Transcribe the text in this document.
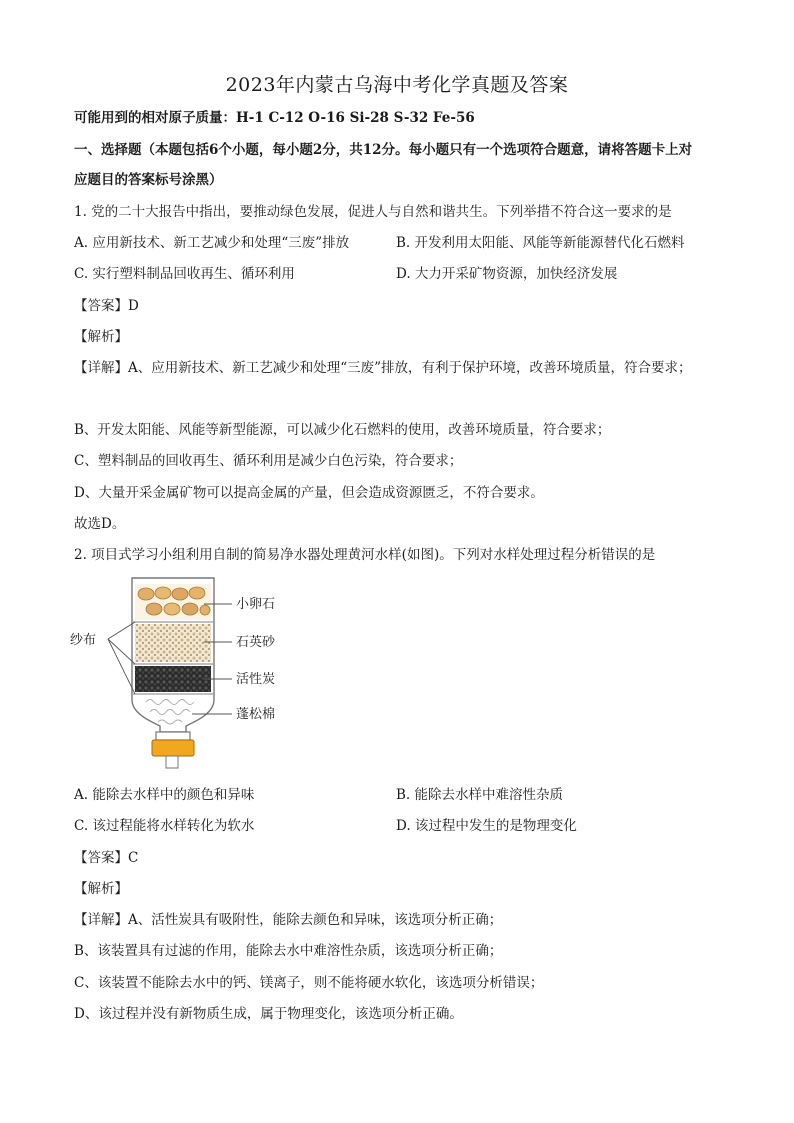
2023年内蒙古乌海中考化学真题及答案
可能用到的相对原子质量：H-1 C-12 O-16 Si-28 S-32 Fe-56
一、选择题（本题包括6个小题，每小题2分，共12分。每小题只有一个选项符合题意，请将答题卡上对
应题目的答案标号涂黑）
1. 党的二十大报告中指出，要推动绿色发展，促进人与自然和谐共生。下列举措不符合这一要求的是
A. 应用新技术、新工艺减少和处理“三废”排放	B. 开发利用太阳能、风能等新能源替代化石燃料
C. 实行塑料制品回收再生、循环利用	D. 大力开采矿物资源，加快经济发展
【答案】D
【解析】
【详解】A、应用新技术、新工艺减少和处理“三废”排放，有利于保护环境，改善环境质量，符合要求；
B、开发太阳能、风能等新型能源，可以减少化石燃料的使用，改善环境质量，符合要求；
C、塑料制品的回收再生、循环利用是减少白色污染，符合要求；
D、大量开采金属矿物可以提高金属的产量，但会造成资源匮乏，不符合要求。
故选D。
2. 项目式学习小组利用自制的简易净水器处理黄河水样(如图)。下列对水样处理过程分析错误的是
纱布
小卵石
石英砂
活性炭
蓬松棉
A. 能除去水样中的颜色和异味	B. 能除去水样中难溶性杂质
C. 该过程能将水样转化为软水	D. 该过程中发生的是物理变化
【答案】C
【解析】
【详解】A、活性炭具有吸附性，能除去颜色和异味，该选项分析正确；
B、该装置具有过滤的作用，能除去水中难溶性杂质，该选项分析正确；
C、该装置不能除去水中的钙、镁离子，则不能将硬水软化，该选项分析错误；
D、该过程并没有新物质生成，属于物理变化，该选项分析正确。
